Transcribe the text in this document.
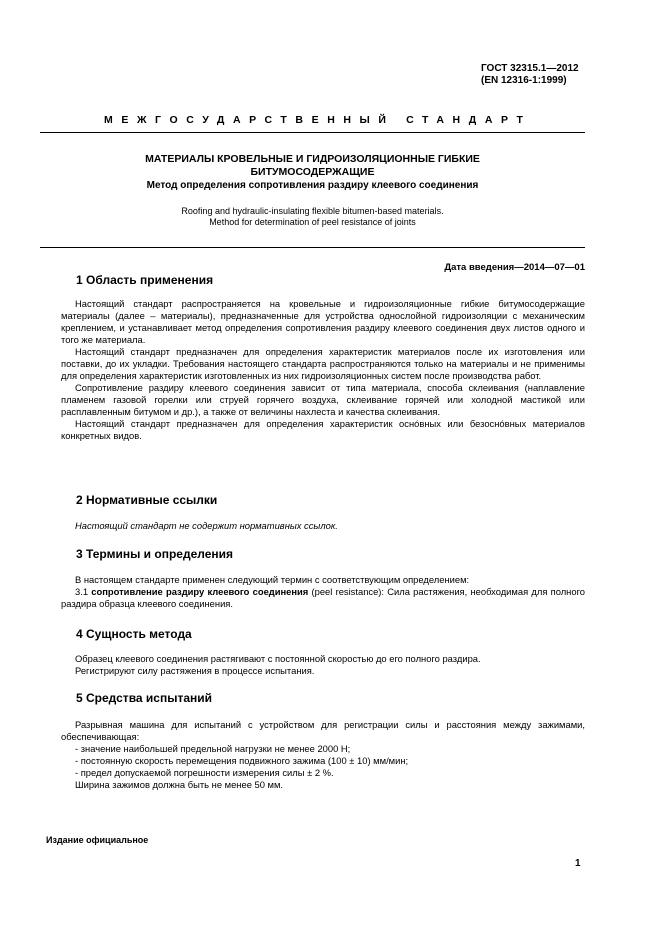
ГОСТ 32315.1—2012
(EN 12316-1:1999)
МЕЖГОСУДАРСТВЕННЫЙ СТАНДАРТ
МАТЕРИАЛЫ КРОВЕЛЬНЫЕ И ГИДРОИЗОЛЯЦИОННЫЕ ГИБКИЕ
БИТУМОСОДЕРЖАЩИЕ
Метод определения сопротивления раздиру клеевого соединения
Roofing and hydraulic-insulating flexible bitumen-based materials.
Method for determination of peel resistance of joints
Дата введения—2014—07—01
1 Область применения

Настоящий стандарт распространяется на кровельные и гидроизоляционные гибкие битумосодержащие материалы (далее – материалы), предназначенные для устройства однослойной гидроизоляции с механическим креплением, и устанавливает метод определения сопротивления раздиру клеевого соединения двух листов одного и того же материала.

Настоящий стандарт предназначен для определения характеристик материалов после их изготовления или поставки, до их укладки. Требования настоящего стандарта распространяются только на материалы и не применимы для определения характеристик изготовленных из них гидроизоляционных систем после производства работ.

Сопротивление раздиру клеевого соединения зависит от типа материала, способа склеивания (наплавление пламенем газовой горелки или струей горячего воздуха, склеивание горячей или холодной мастикой или расплавленным битумом и др.), а также от величины нахлеста и качества склеивания.

Настоящий стандарт предназначен для определения характеристик оснóвных или безоснóвных материалов конкретных видов.

2 Нормативные ссылки

Настоящий стандарт не содержит нормативных ссылок.

3 Термины и определения

В настоящем стандарте применен следующий термин с соответствующим определением:

3.1 сопротивление раздиру клеевого соединения (peel resistance): Сила растяжения, необходимая для полного раздира образца клеевого соединения.

4 Сущность метода

Образец клеевого соединения растягивают с постоянной скоростью до его полного раздира.

Регистрируют силу растяжения в процессе испытания.

5 Средства испытаний

Разрывная машина для испытаний с устройством для регистрации силы и расстояния между зажимами, обеспечивающая:

- значение наибольшей предельной нагрузки не менее 2000 Н;
- постоянную скорость перемещения подвижного зажима (100 ± 10) мм/мин;
- предел допускаемой погрешности измерения силы ± 2 %.

Ширина зажимов должна быть не менее 50 мм.

Издание официальное
1
